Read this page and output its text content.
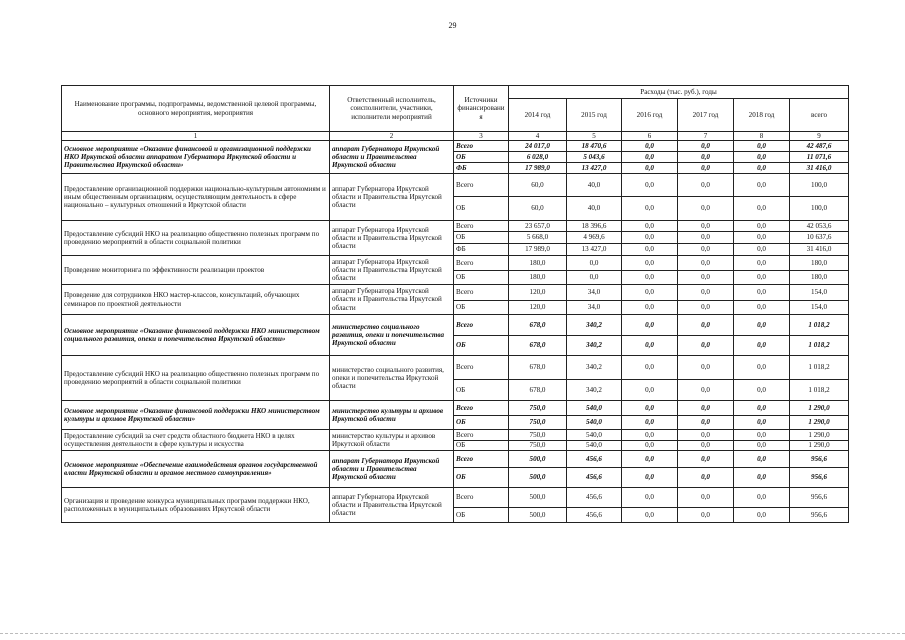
29
Наименование программы, подпрограммы, ведомственной целевой программы, основного мероприятия, мероприятия	Ответственный исполнитель, соисполнители, участники, исполнители мероприятий	Источники финансировани я	Расходы (тыс. руб.), годы					
			2014 год	2015 год	2016 год	2017 год	2018 год	всего
1	2	3	4	5	6	7	8	9
Основное мероприятие «Оказание финансовой и организационной поддержки НКО Иркутской области аппаратом Губернатора Иркутской области и Правительства Иркутской области»	аппарат Губернатора Иркутской области и Правительства Иркутской области	Всего	24 017,0	18 470,6	0,0	0,0	0,0	42 487,6
		ОБ	6 028,0	5 043,6	0,0	0,0	0,0	11 071,6
		ФБ	17 989,0	13 427,0	0,0	0,0	0,0	31 416,0
Предоставление организационной поддержки национально-культурным автономиям и иным общественным организациям, осуществляющим деятельность в сфере национально – культурных отношений в Иркутской области	аппарат Губернатора Иркутской области и Правительства Иркутской области	Всего	60,0	40,0	0,0	0,0	0,0	100,0
		ОБ	60,0	40,0	0,0	0,0	0,0	100,0
Предоставление субсидий НКО на реализацию общественно полезных программ по проведению мероприятий в области социальной политики	аппарат Губернатора Иркутской области и Правительства Иркутской области	Всего	23 657,0	18 396,6	0,0	0,0	0,0	42 053,6
		ОБ	5 668,0	4 969,6	0,0	0,0	0,0	10 637,6
		ФБ	17 989,0	13 427,0	0,0	0,0	0,0	31 416,0
Проведение мониторинга по эффективности реализации проектов	аппарат Губернатора Иркутской области и Правительства Иркутской области	Всего	180,0	0,0	0,0	0,0	0,0	180,0
		ОБ	180,0	0,0	0,0	0,0	0,0	180,0
Проведение для сотрудников НКО мастер-классов, консультаций, обучающих семинаров по проектной деятельности	аппарат Губернатора Иркутской области и Правительства Иркутской области	Всего	120,0	34,0	0,0	0,0	0,0	154,0
		ОБ	120,0	34,0	0,0	0,0	0,0	154,0
Основное мероприятие «Оказание финансовой поддержки НКО министерством социального развития, опеки и попечительства Иркутской области»	министерство социального развития, опеки и попечительства Иркутской области	Всего	678,0	340,2	0,0	0,0	0,0	1 018,2
		ОБ	678,0	340,2	0,0	0,0	0,0	1 018,2
Предоставление субсидий НКО на реализацию общественно полезных программ по проведению мероприятий в области социальной политики	министерство социального развития, опеки и попечительства Иркутской области	Всего	678,0	340,2	0,0	0,0	0,0	1 018,2
		ОБ	678,0	340,2	0,0	0,0	0,0	1 018,2
Основное мероприятие «Оказание финансовой поддержки НКО министерством культуры и архивов Иркутской области»	министерство культуры и архивов Иркутской области	Всего	750,0	540,0	0,0	0,0	0,0	1 290,0
		ОБ	750,0	540,0	0,0	0,0	0,0	1 290,0
Предоставление субсидий за счет средств областного бюджета НКО в целях осуществления деятельности в сфере культуры и искусства	министерство культуры и архивов Иркутской области	Всего	750,0	540,0	0,0	0,0	0,0	1 290,0
		ОБ	750,0	540,0	0,0	0,0	0,0	1 290,0
Основное мероприятие «Обеспечение взаимодействия органов государственной власти Иркутской области и органов местного самоуправления»	аппарат Губернатора Иркутской области и Правительства Иркутской области	Всего	500,0	456,6	0,0	0,0	0,0	956,6
		ОБ	500,0	456,6	0,0	0,0	0,0	956,6
Организация и проведение конкурса муниципальных программ поддержки НКО, расположенных в муниципальных образованиях Иркутской области	аппарат Губернатора Иркутской области и Правительства Иркутской области	Всего	500,0	456,6	0,0	0,0	0,0	956,6
		ОБ	500,0	456,6	0,0	0,0	0,0	956,6
